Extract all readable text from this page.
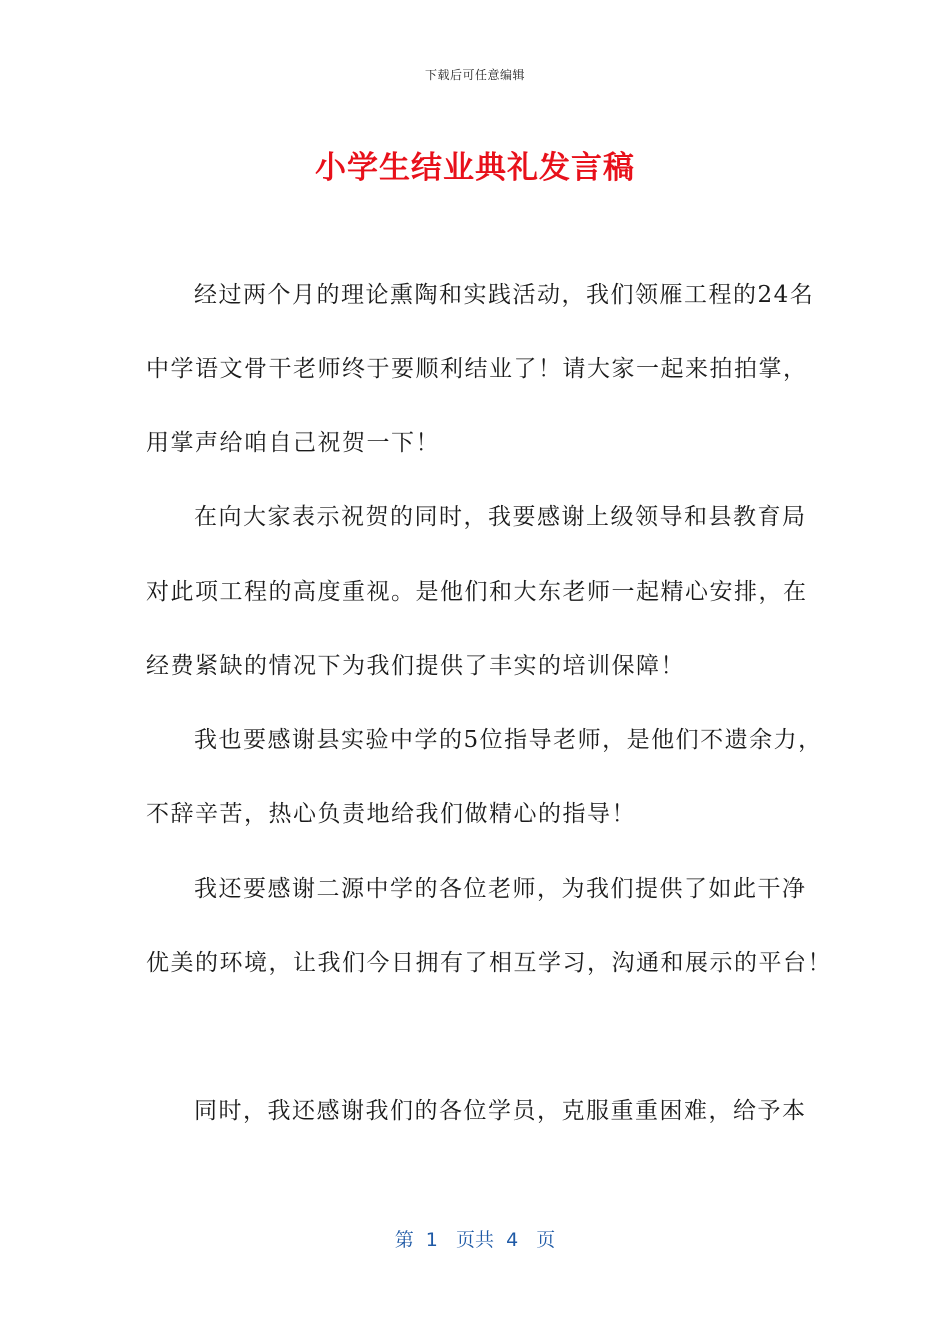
下载后可任意编辑
小学生结业典礼发言稿
经过两个月的理论熏陶和实践活动，我们领雁工程的24名
中学语文骨干老师终于要顺利结业了！请大家一起来拍拍掌，
用掌声给咱自己祝贺一下！
在向大家表示祝贺的同时，我要感谢上级领导和县教育局
对此项工程的高度重视。是他们和大东老师一起精心安排，在
经费紧缺的情况下为我们提供了丰实的培训保障！
我也要感谢县实验中学的5位指导老师，是他们不遗余力，
不辞辛苦，热心负责地给我们做精心的指导！
我还要感谢二源中学的各位老师，为我们提供了如此干净
优美的环境，让我们今日拥有了相互学习，沟通和展示的平台！
同时，我还感谢我们的各位学员，克服重重困难，给予本
第  1   页共  4   页
